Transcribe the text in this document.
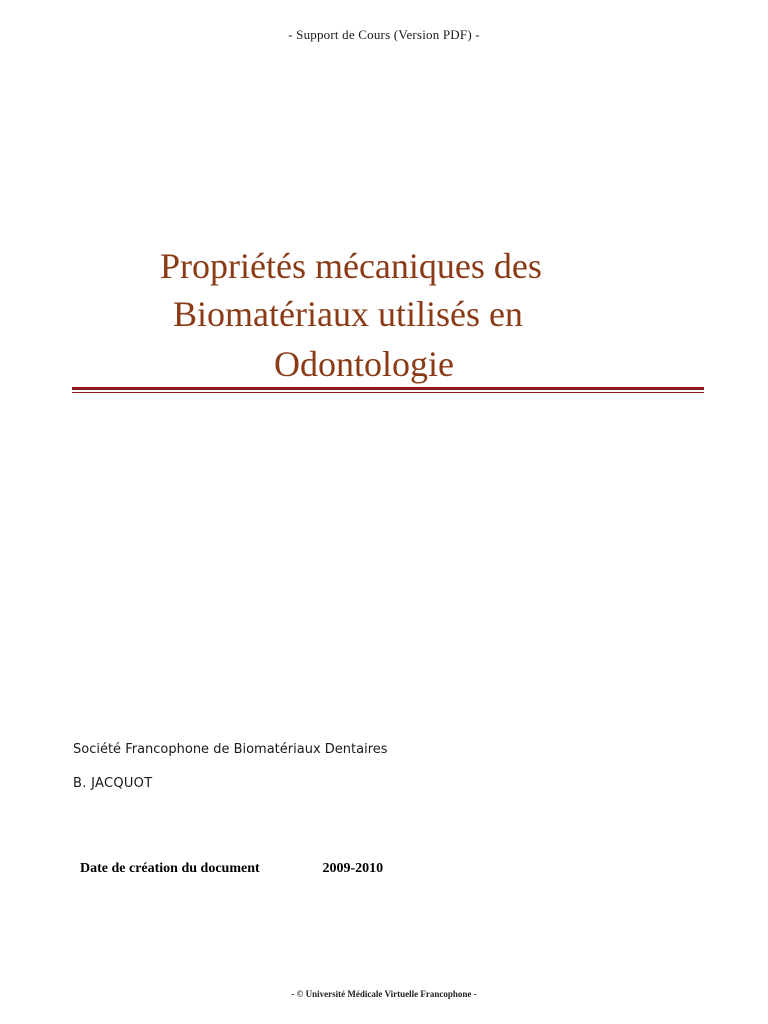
- Support de Cours (Version PDF) -
Propriétés mécaniques des
Biomatériaux utilisés en
Odontologie
Société Francophone de Biomatériaux Dentaires
B. JACQUOT
Date de création du document	2009-2010
- © Université Médicale Virtuelle Francophone -
